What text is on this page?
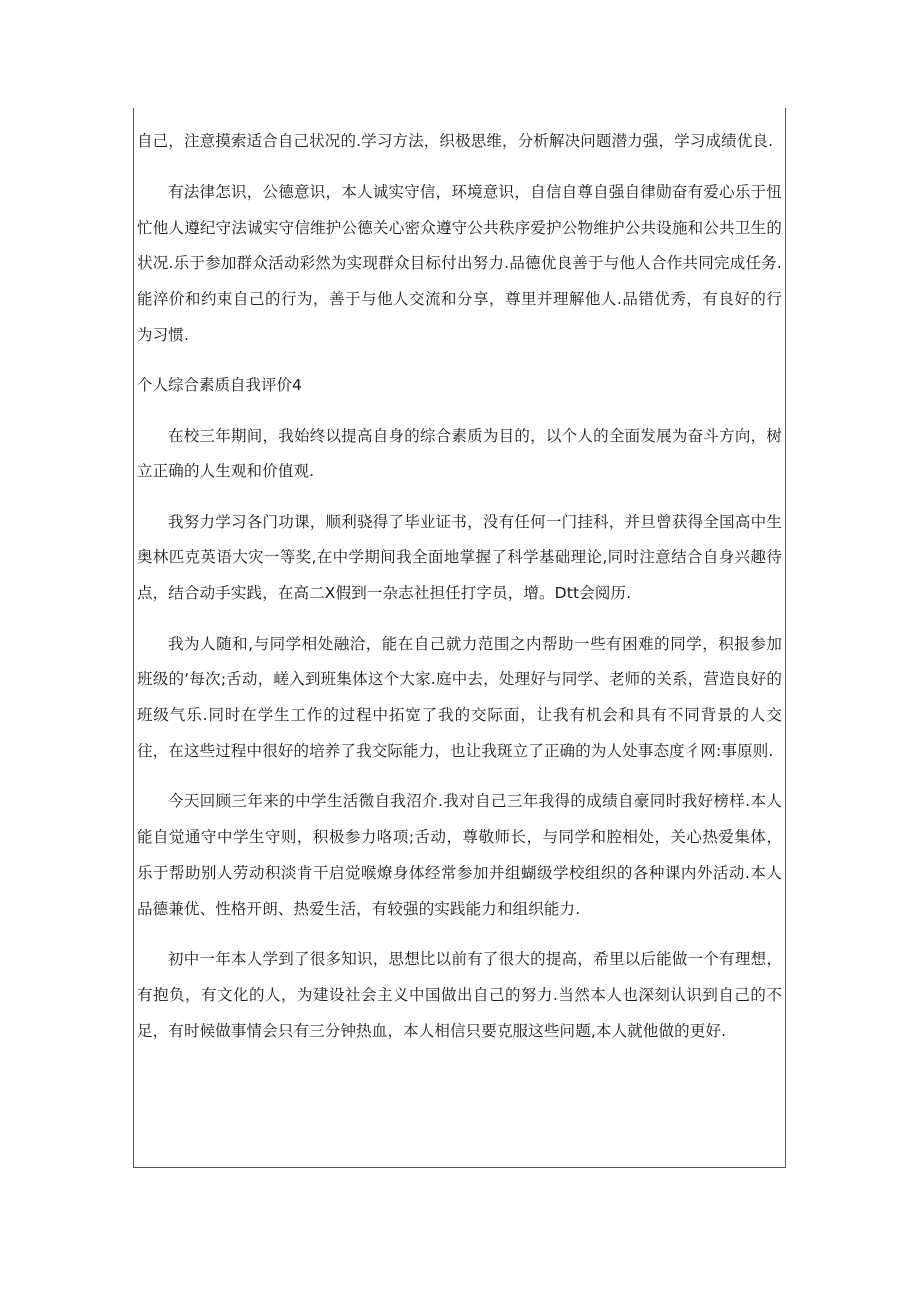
自己，注意摸索适合自己状况的.学习方法，织极思维，分析解决问题潜力强，学习成绩优良.

有法律怎识，公德意识，本人诚实守信，环境意识，自信自尊自强自律勋奋有爱心乐于忸忙他人遵纪守法诚实守信维护公德关心密众遵守公共秩序爱护公物维护公共设施和公共卫生的状况.乐于参加群众活动彩然为实现群众目标付出努力.品德优良善于与他人合作共同完成任务.能淬价和约束自己的行为，善于与他人交流和分享，尊里并理解他人.品错优秀，有良好的行为习惯.

个人综合素质自我评价4

在校三年期间，我始终以提高自身的综合素质为目的，以个人的全面发展为奋斗方向，树立正确的人生观和价值观.

我努力学习各门功课，顺利骁得了毕业证书，没有任何一门挂科，并旦曾获得全国高中生奥林匹克英语大灾一等奖,在中学期间我全面地掌握了科学基础理论,同时注意结合自身兴趣待点，结合动手实践，在高二X假到一杂志社担任打字员，增。Dtt会阅历.

我为人随和,与同学相处融洽，能在自己就力范围之内帮助一些有困难的同学，积报参加班级的‘每次;舌动，嵯入到班集体这个大家.庭中去，处理好与同学、老师的关系，营造良好的班级气乐.同时在学生工作的过程中拓宽了我的交际面，让我有机会和具有不同背景的人交往，在这些过程中很好的培养了我交际能力，也让我斑立了正确的为人处事态度彳网:事原则.

今天回顾三年来的中学生活微自我沼介.我对自己三年我得的成绩自豪同时我好榜样.本人能自觉通守中学生守则，积极参力咯项;舌动，尊敬师长，与同学和腔相处，关心热爱集体，乐于帮助别人劳动积淡肯干启觉喉燎身体经常参加并组蝴级学校组织的各种课内外活动.本人品德兼优、性格开朗、热爱生活，有较强的实践能力和组织能力.

初中一年本人学到了很多知识，思想比以前有了很大的提高，希里以后能做一个有理想，有抱负，有文化的人，为建设社会主义中国做出自己的努力.当然本人也深刻认识到自己的不足，有时候做事情会只有三分钟热血，本人相信只要克服这些问题,本人就他做的更好.
